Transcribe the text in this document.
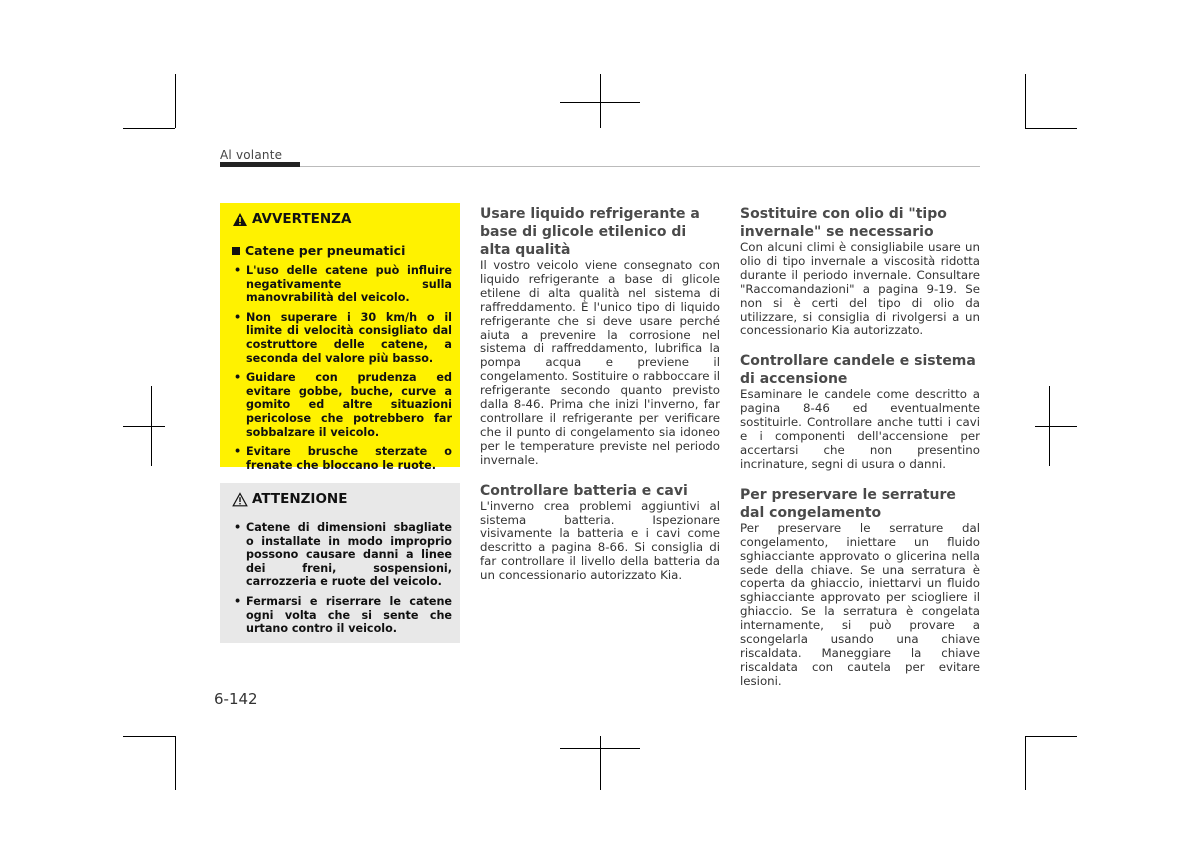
Al volante
AVVERTENZA
Catene per pneumatici
• L'uso delle catene può influire negativamente sulla manovrabilità del veicolo.
• Non superare i 30 km/h o il limite di velocità consigliato dal costruttore delle catene, a seconda del valore più basso.
• Guidare con prudenza ed evitare gobbe, buche, curve a gomito ed altre situazioni pericolose che potrebbero far sobbalzare il veicolo.
• Evitare brusche sterzate o frenate che bloccano le ruote.
ATTENZIONE
• Catene di dimensioni sbagliate o installate in modo improprio possono causare danni a linee dei freni, sospensioni, carrozzeria e ruote del veicolo.
• Fermarsi e riserrare le catene ogni volta che si sente che urtano contro il veicolo.
Usare liquido refrigerante a base di glicole etilenico di alta qualità

Il vostro veicolo viene consegnato con liquido refrigerante a base di glicole etilene di alta qualità nel sistema di raffreddamento. È l'unico tipo di liquido refrigerante che si deve usare perché aiuta a prevenire la corrosione nel sistema di raffreddamento, lubrifica la pompa acqua e previene il congelamento. Sostituire o rabboccare il refrigerante secondo quanto previsto dalla 8-46. Prima che inizi l'inverno, far controllare il refrigerante per verificare che il punto di congelamento sia idoneo per le temperature previste nel periodo invernale.

Controllare batteria e cavi

L'inverno crea problemi aggiuntivi al sistema batteria. Ispezionare visivamente la batteria e i cavi come descritto a pagina 8-66. Si consiglia di far controllare il livello della batteria da un concessionario autorizzato Kia.

Sostituire con olio di "tipo invernale" se necessario

Con alcuni climi è consigliabile usare un olio di tipo invernale a viscosità ridotta durante il periodo invernale. Consultare "Raccomandazioni" a pagina 9-19. Se non si è certi del tipo di olio da utilizzare, si consiglia di rivolgersi a un concessionario Kia autorizzato.

Controllare candele e sistema di accensione

Esaminare le candele come descritto a pagina 8-46 ed eventualmente sostituirle. Controllare anche tutti i cavi e i componenti dell'accensione per accertarsi che non presentino incrinature, segni di usura o danni.

Per preservare le serrature dal congelamento

Per preservare le serrature dal congelamento, iniettare un fluido sghiacciante approvato o glicerina nella sede della chiave. Se una serratura è coperta da ghiaccio, iniettarvi un fluido sghiacciante approvato per sciogliere il ghiaccio. Se la serratura è congelata internamente, si può provare a scongelarla usando una chiave riscaldata. Maneggiare la chiave riscaldata con cautela per evitare lesioni.

6-142
